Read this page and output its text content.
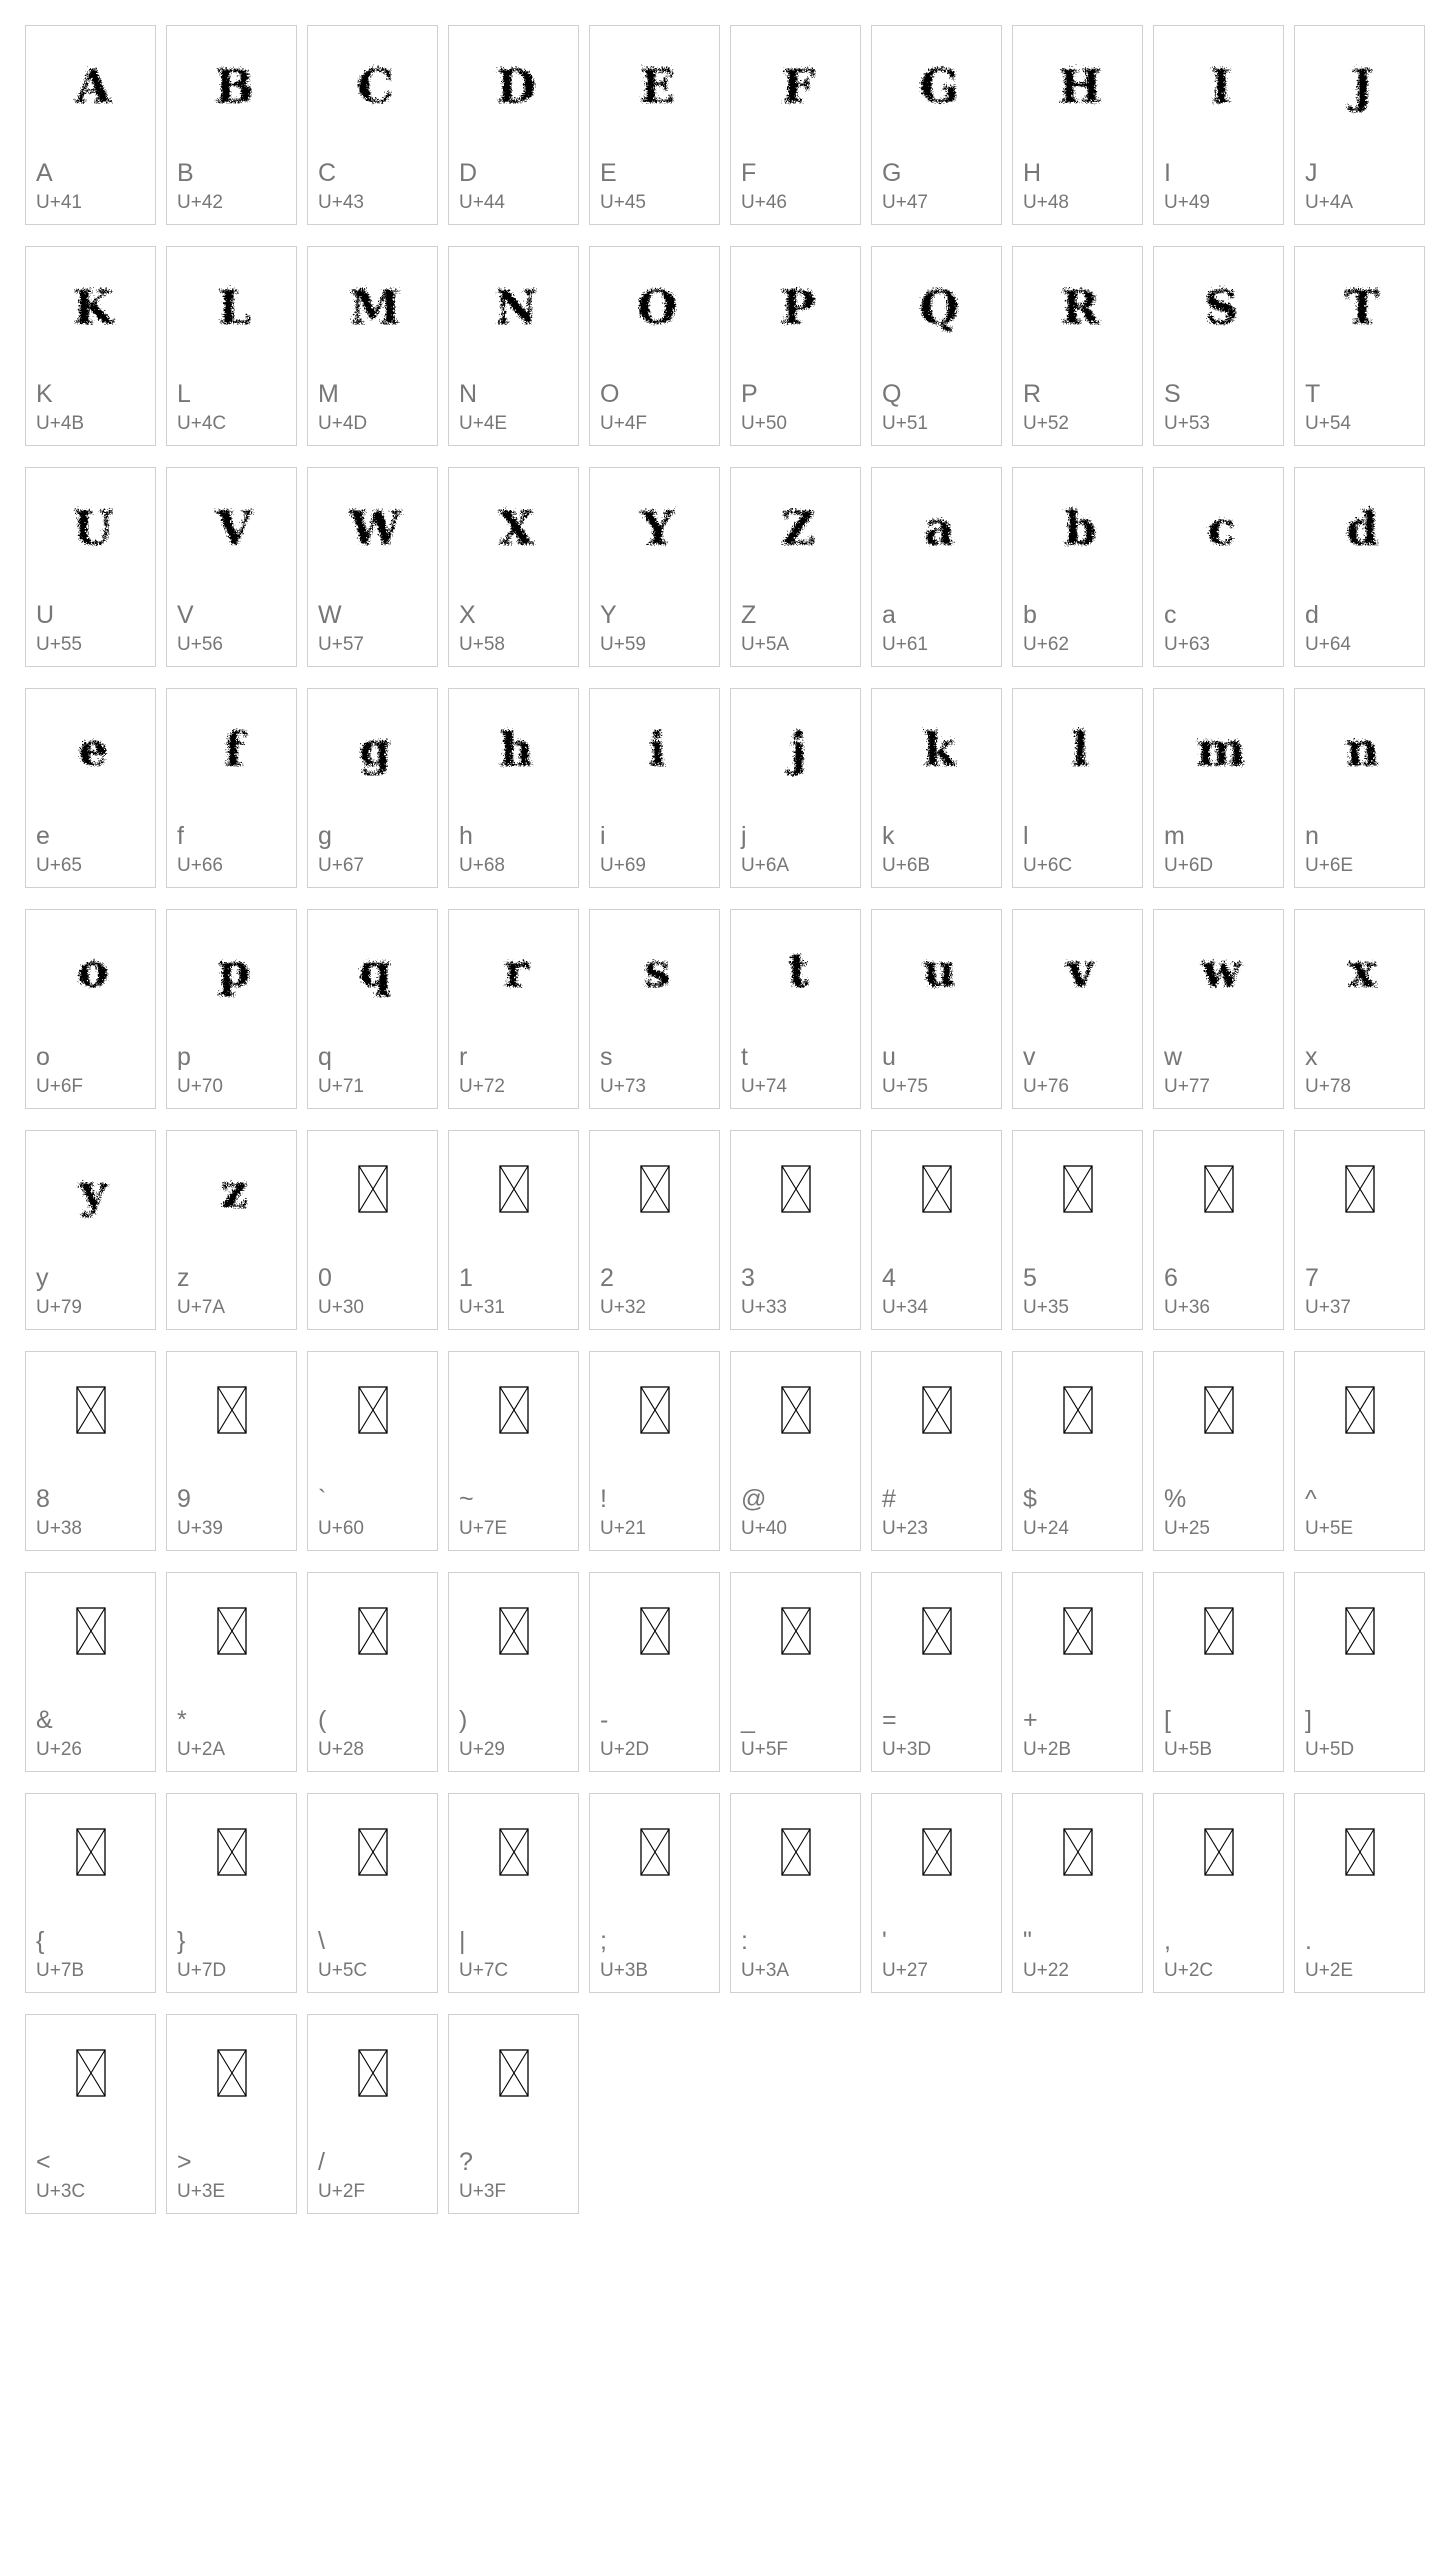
A
A
U+41
B
B
U+42
C
C
U+43
D
D
U+44
E
E
U+45
F
F
U+46
G
G
U+47
H
H
U+48
I
I
U+49
J
J
U+4A
K
K
U+4B
L
L
U+4C
M
M
U+4D
N
N
U+4E
O
O
U+4F
P
P
U+50
Q
Q
U+51
R
R
U+52
S
S
U+53
T
T
U+54
U
U
U+55
V
V
U+56
W
W
U+57
X
X
U+58
Y
Y
U+59
Z
Z
U+5A
a
a
U+61
b
b
U+62
c
c
U+63
d
d
U+64
e
e
U+65
f
f
U+66
g
g
U+67
h
h
U+68
i
i
U+69
j
j
U+6A
k
k
U+6B
l
l
U+6C
m
m
U+6D
n
n
U+6E
o
o
U+6F
p
p
U+70
q
q
U+71
r
r
U+72
s
s
U+73
t
t
U+74
u
u
U+75
v
v
U+76
w
w
U+77
x
x
U+78
y
y
U+79
z
z
U+7A
0
U+30
1
U+31
2
U+32
3
U+33
4
U+34
5
U+35
6
U+36
7
U+37
8
U+38
9
U+39
`
U+60
~
U+7E
!
U+21
@
U+40
#
U+23
$
U+24
%
U+25
^
U+5E
&
U+26
*
U+2A
(
U+28
)
U+29
-
U+2D
_
U+5F
=
U+3D
+
U+2B
[
U+5B
]
U+5D
{
U+7B
}
U+7D
\
U+5C
|
U+7C
;
U+3B
:
U+3A
'
U+27
"
U+22
,
U+2C
.
U+2E
<
U+3C
>
U+3E
/
U+2F
?
U+3F
